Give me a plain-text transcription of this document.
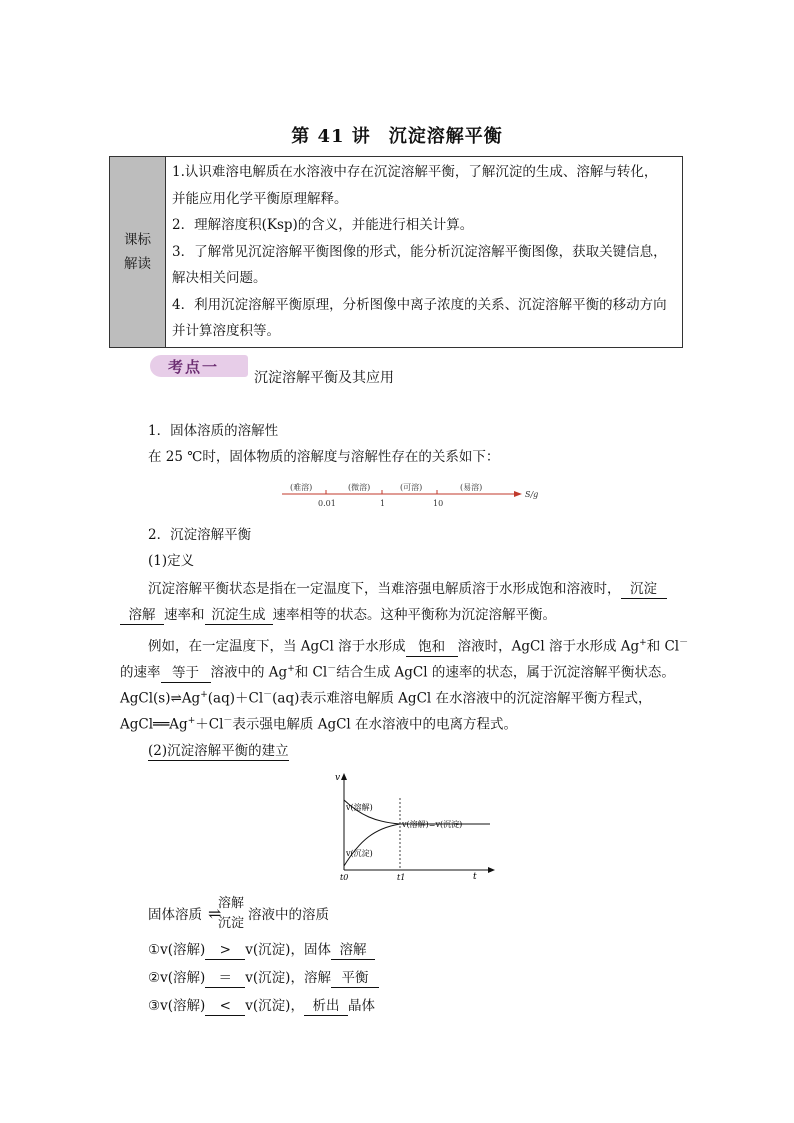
第 41 讲 沉淀溶解平衡
课标
解读

1.认识难溶电解质在水溶液中存在沉淀溶解平衡，了解沉淀的生成、溶解与转化，

并能应用化学平衡原理解释。

2．理解溶度积(Ksp)的含义，并能进行相关计算。

3．了解常见沉淀溶解平衡图像的形式，能分析沉淀溶解平衡图像，获取关键信息，

解决相关问题。

4．利用沉淀溶解平衡原理，分析图像中离子浓度的关系、沉淀溶解平衡的移动方向

并计算溶度积等。

考点一
沉淀溶解平衡及其应用
1．固体溶质的溶解性
在 25 ℃时，固体物质的溶解度与溶解性存在的关系如下：
(难溶)	(微溶)	(可溶)	(易溶)
0.01	1	10
S/g
2．沉淀溶解平衡
(1)定义
沉淀溶解平衡状态是指在一定温度下，当难溶强电解质溶于水形成饱和溶液时， 沉淀
溶解 速率和 沉淀生成 速率相等的状态。这种平衡称为沉淀溶解平衡。
例如，在一定温度下，当 AgCl 溶于水形成 饱和 溶液时，AgCl 溶于水形成 Ag+和 Cl－
的速率 等于 溶液中的 Ag+和 Cl－结合生成 AgCl 的速率的状态，属于沉淀溶解平衡状态。
AgCl(s)⇌Ag+(aq)＋Cl－(aq)表示难溶电解质 AgCl 在水溶液中的沉淀溶解平衡方程式，
AgCl══Ag+＋Cl－表示强电解质 AgCl 在水溶液中的电离方程式。
(2)沉淀溶解平衡的建立
v
t
t0	t1
v(溶解)
v(沉淀)
v(溶解)=v(沉淀)
固体溶质
溶解
沉淀
⇌ 溶液中的溶质
①v(溶解) > v(沉淀)，固体 溶解
②v(溶解) ＝ v(沉淀)，溶解 平衡
③v(溶解) < v(沉淀)， 析出 晶体
